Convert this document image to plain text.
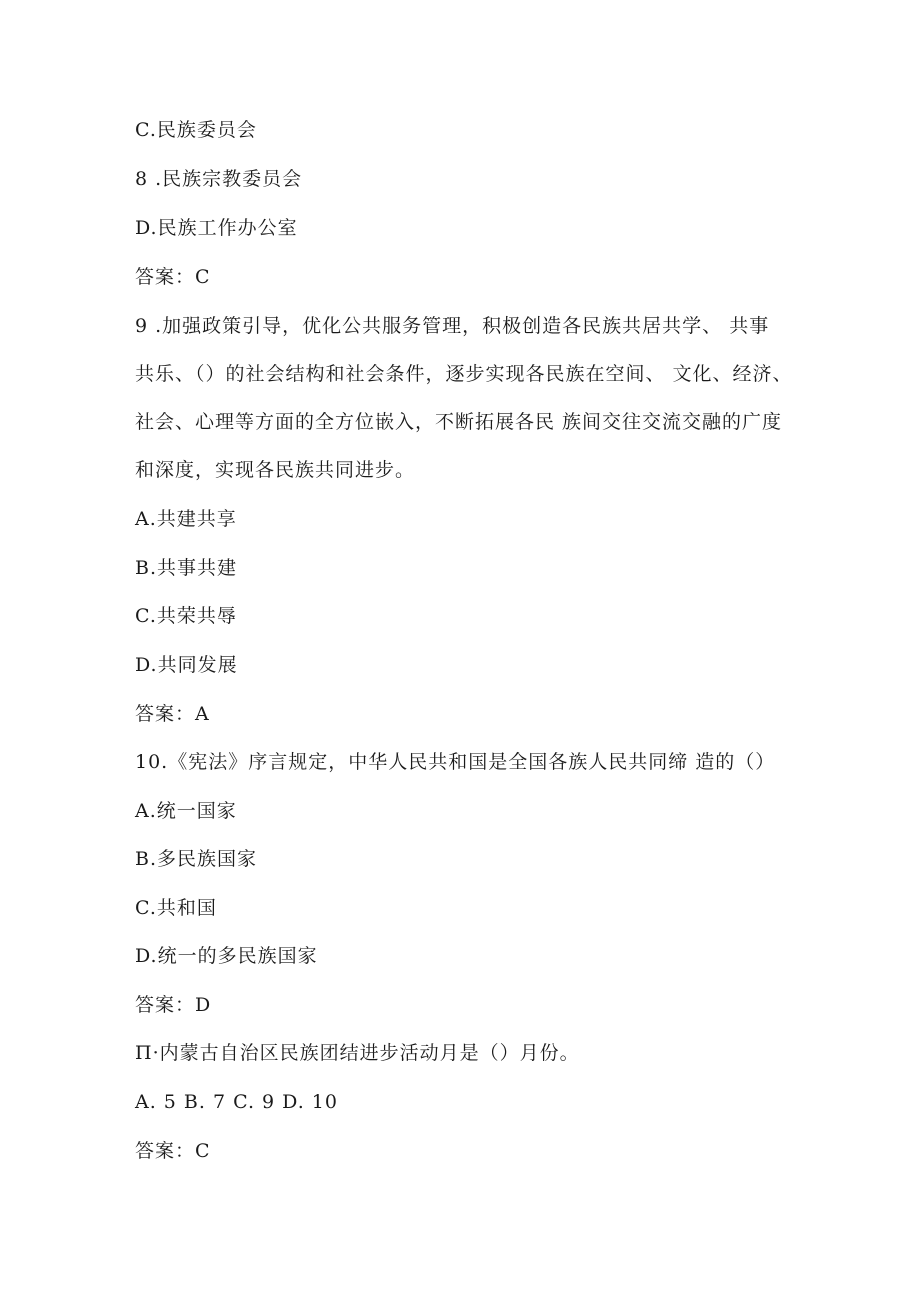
C.民族委员会
8 .民族宗教委员会
D.民族工作办公室
答案：C
9 .加强政策引导，优化公共服务管理，积极创造各民族共居共学、 共事
共乐、（）的社会结构和社会条件，逐步实现各民族在空间、 文化、经济、
社会、心理等方面的全方位嵌入，不断拓展各民 族间交往交流交融的广度
和深度，实现各民族共同进步。
A.共建共享
B.共事共建
C.共荣共辱
D.共同发展
答案：A
10.《宪法》序言规定，中华人民共和国是全国各族人民共同缔 造的（）
A.统一国家
B.多民族国家
C.共和国
D.统一的多民族国家
答案：D
Π·内蒙古自治区民族团结进步活动月是（）月份。
A. 5 B. 7 C. 9 D. 10
答案：C
